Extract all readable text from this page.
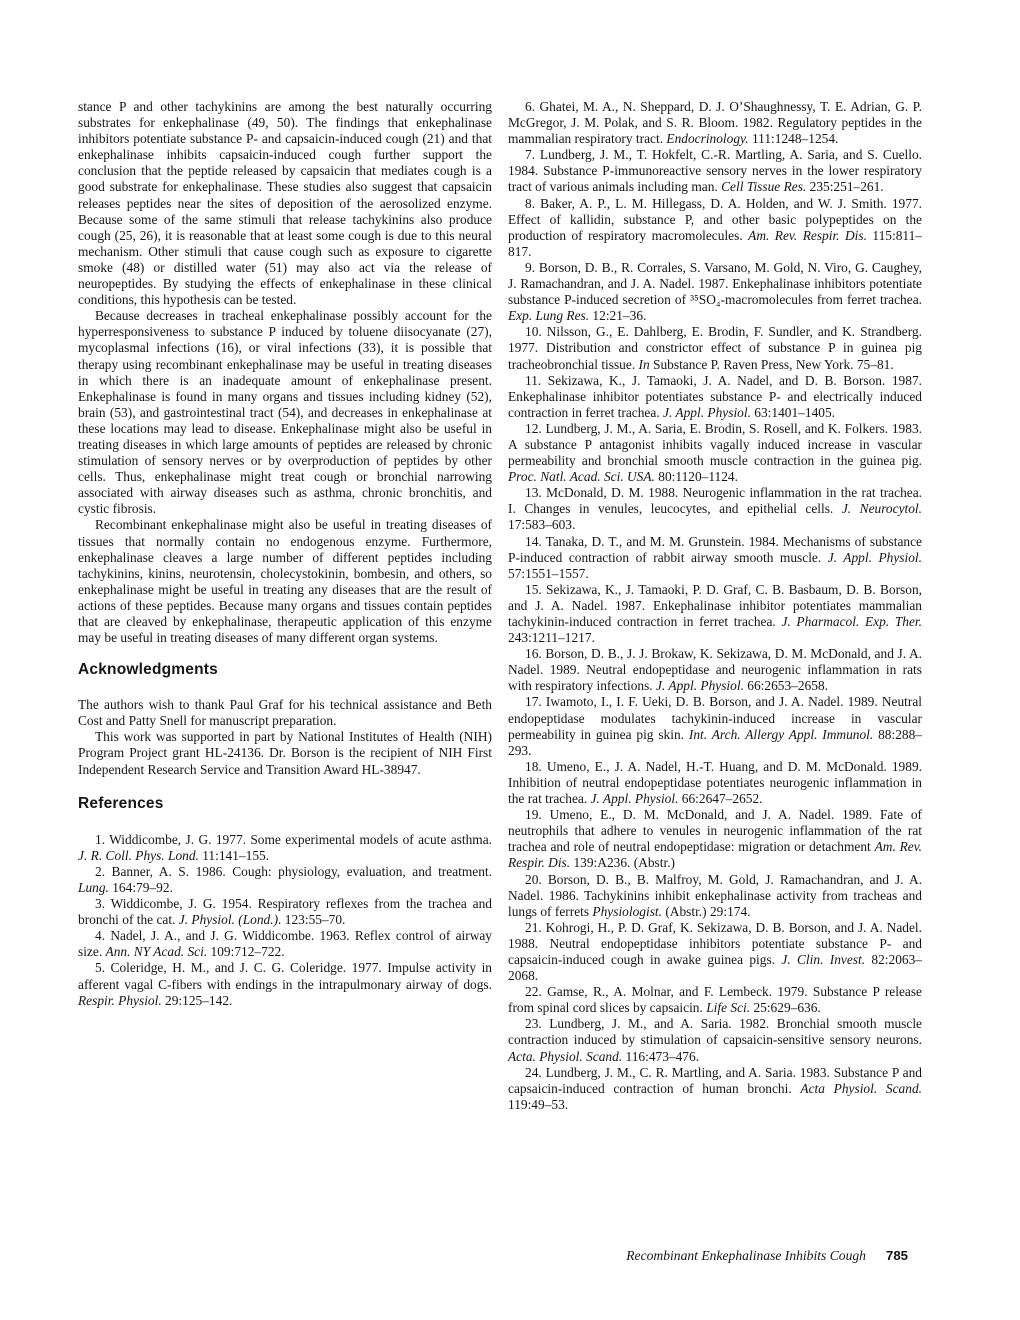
stance P and other tachykinins are among the best naturally occurring substrates for enkephalinase (49, 50). The findings that enkephalinase inhibitors potentiate substance P- and capsaicin-induced cough (21) and that enkephalinase inhibits capsaicin-induced cough further support the conclusion that the peptide released by capsaicin that mediates cough is a good substrate for enkephalinase. These studies also suggest that capsaicin releases peptides near the sites of deposition of the aerosolized enzyme. Because some of the same stimuli that release tachykinins also produce cough (25, 26), it is reasonable that at least some cough is due to this neural mechanism. Other stimuli that cause cough such as exposure to cigarette smoke (48) or distilled water (51) may also act via the release of neuropeptides. By studying the effects of enkephalinase in these clinical conditions, this hypothesis can be tested.

Because decreases in tracheal enkephalinase possibly account for the hyperresponsiveness to substance P induced by toluene diisocyanate (27), mycoplasmal infections (16), or viral infections (33), it is possible that therapy using recombinant enkephalinase may be useful in treating diseases in which there is an inadequate amount of enkephalinase present. Enkephalinase is found in many organs and tissues including kidney (52), brain (53), and gastrointestinal tract (54), and decreases in enkephalinase at these locations may lead to disease. Enkephalinase might also be useful in treating diseases in which large amounts of peptides are released by chronic stimulation of sensory nerves or by overproduction of peptides by other cells. Thus, enkephalinase might treat cough or bronchial narrowing associated with airway diseases such as asthma, chronic bronchitis, and cystic fibrosis.

Recombinant enkephalinase might also be useful in treating diseases of tissues that normally contain no endogenous enzyme. Furthermore, enkephalinase cleaves a large number of different peptides including tachykinins, kinins, neurotensin, cholecystokinin, bombesin, and others, so enkephalinase might be useful in treating any diseases that are the result of actions of these peptides. Because many organs and tissues contain peptides that are cleaved by enkephalinase, therapeutic application of this enzyme may be useful in treating diseases of many different organ systems.

Acknowledgments

The authors wish to thank Paul Graf for his technical assistance and Beth Cost and Patty Snell for manuscript preparation.

This work was supported in part by National Institutes of Health (NIH) Program Project grant HL-24136. Dr. Borson is the recipient of NIH First Independent Research Service and Transition Award HL-38947.

References

1. Widdicombe, J. G. 1977. Some experimental models of acute asthma. J. R. Coll. Phys. Lond. 11:141–155.

2. Banner, A. S. 1986. Cough: physiology, evaluation, and treatment. Lung. 164:79–92.

3. Widdicombe, J. G. 1954. Respiratory reflexes from the trachea and bronchi of the cat. J. Physiol. (Lond.). 123:55–70.

4. Nadel, J. A., and J. G. Widdicombe. 1963. Reflex control of airway size. Ann. NY Acad. Sci. 109:712–722.

5. Coleridge, H. M., and J. C. G. Coleridge. 1977. Impulse activity in afferent vagal C-fibers with endings in the intrapulmonary airway of dogs. Respir. Physiol. 29:125–142.

6. Ghatei, M. A., N. Sheppard, D. J. O’Shaughnessy, T. E. Adrian, G. P. McGregor, J. M. Polak, and S. R. Bloom. 1982. Regulatory peptides in the mammalian respiratory tract. Endocrinology. 111:1248–1254.

7. Lundberg, J. M., T. Hokfelt, C.-R. Martling, A. Saria, and S. Cuello. 1984. Substance P-immunoreactive sensory nerves in the lower respiratory tract of various animals including man. Cell Tissue Res. 235:251–261.

8. Baker, A. P., L. M. Hillegass, D. A. Holden, and W. J. Smith. 1977. Effect of kallidin, substance P, and other basic polypeptides on the production of respiratory macromolecules. Am. Rev. Respir. Dis. 115:811–817.

9. Borson, D. B., R. Corrales, S. Varsano, M. Gold, N. Viro, G. Caughey, J. Ramachandran, and J. A. Nadel. 1987. Enkephalinase inhibitors potentiate substance P-induced secretion of ³⁵SO₄-macromolecules from ferret trachea. Exp. Lung Res. 12:21–36.

10. Nilsson, G., E. Dahlberg, E. Brodin, F. Sundler, and K. Strandberg. 1977. Distribution and constrictor effect of substance P in guinea pig tracheobronchial tissue. In Substance P. Raven Press, New York. 75–81.

11. Sekizawa, K., J. Tamaoki, J. A. Nadel, and D. B. Borson. 1987. Enkephalinase inhibitor potentiates substance P- and electrically induced contraction in ferret trachea. J. Appl. Physiol. 63:1401–1405.

12. Lundberg, J. M., A. Saria, E. Brodin, S. Rosell, and K. Folkers. 1983. A substance P antagonist inhibits vagally induced increase in vascular permeability and bronchial smooth muscle contraction in the guinea pig. Proc. Natl. Acad. Sci. USA. 80:1120–1124.

13. McDonald, D. M. 1988. Neurogenic inflammation in the rat trachea. I. Changes in venules, leucocytes, and epithelial cells. J. Neurocytol. 17:583–603.

14. Tanaka, D. T., and M. M. Grunstein. 1984. Mechanisms of substance P-induced contraction of rabbit airway smooth muscle. J. Appl. Physiol. 57:1551–1557.

15. Sekizawa, K., J. Tamaoki, P. D. Graf, C. B. Basbaum, D. B. Borson, and J. A. Nadel. 1987. Enkephalinase inhibitor potentiates mammalian tachykinin-induced contraction in ferret trachea. J. Pharmacol. Exp. Ther. 243:1211–1217.

16. Borson, D. B., J. J. Brokaw, K. Sekizawa, D. M. McDonald, and J. A. Nadel. 1989. Neutral endopeptidase and neurogenic inflammation in rats with respiratory infections. J. Appl. Physiol. 66:2653–2658.

17. Iwamoto, I., I. F. Ueki, D. B. Borson, and J. A. Nadel. 1989. Neutral endopeptidase modulates tachykinin-induced increase in vascular permeability in guinea pig skin. Int. Arch. Allergy Appl. Immunol. 88:288–293.

18. Umeno, E., J. A. Nadel, H.-T. Huang, and D. M. McDonald. 1989. Inhibition of neutral endopeptidase potentiates neurogenic inflammation in the rat trachea. J. Appl. Physiol. 66:2647–2652.

19. Umeno, E., D. M. McDonald, and J. A. Nadel. 1989. Fate of neutrophils that adhere to venules in neurogenic inflammation of the rat trachea and role of neutral endopeptidase: migration or detachment Am. Rev. Respir. Dis. 139:A236. (Abstr.)

20. Borson, D. B., B. Malfroy, M. Gold, J. Ramachandran, and J. A. Nadel. 1986. Tachykinins inhibit enkephalinase activity from tracheas and lungs of ferrets Physiologist. (Abstr.) 29:174.

21. Kohrogi, H., P. D. Graf, K. Sekizawa, D. B. Borson, and J. A. Nadel. 1988. Neutral endopeptidase inhibitors potentiate substance P- and capsaicin-induced cough in awake guinea pigs. J. Clin. Invest. 82:2063–2068.

22. Gamse, R., A. Molnar, and F. Lembeck. 1979. Substance P release from spinal cord slices by capsaicin. Life Sci. 25:629–636.

23. Lundberg, J. M., and A. Saria. 1982. Bronchial smooth muscle contraction induced by stimulation of capsaicin-sensitive sensory neurons. Acta. Physiol. Scand. 116:473–476.

24. Lundberg, J. M., C. R. Martling, and A. Saria. 1983. Substance P and capsaicin-induced contraction of human bronchi. Acta Physiol. Scand. 119:49–53.

Recombinant Enkephalinase Inhibits Cough 785
